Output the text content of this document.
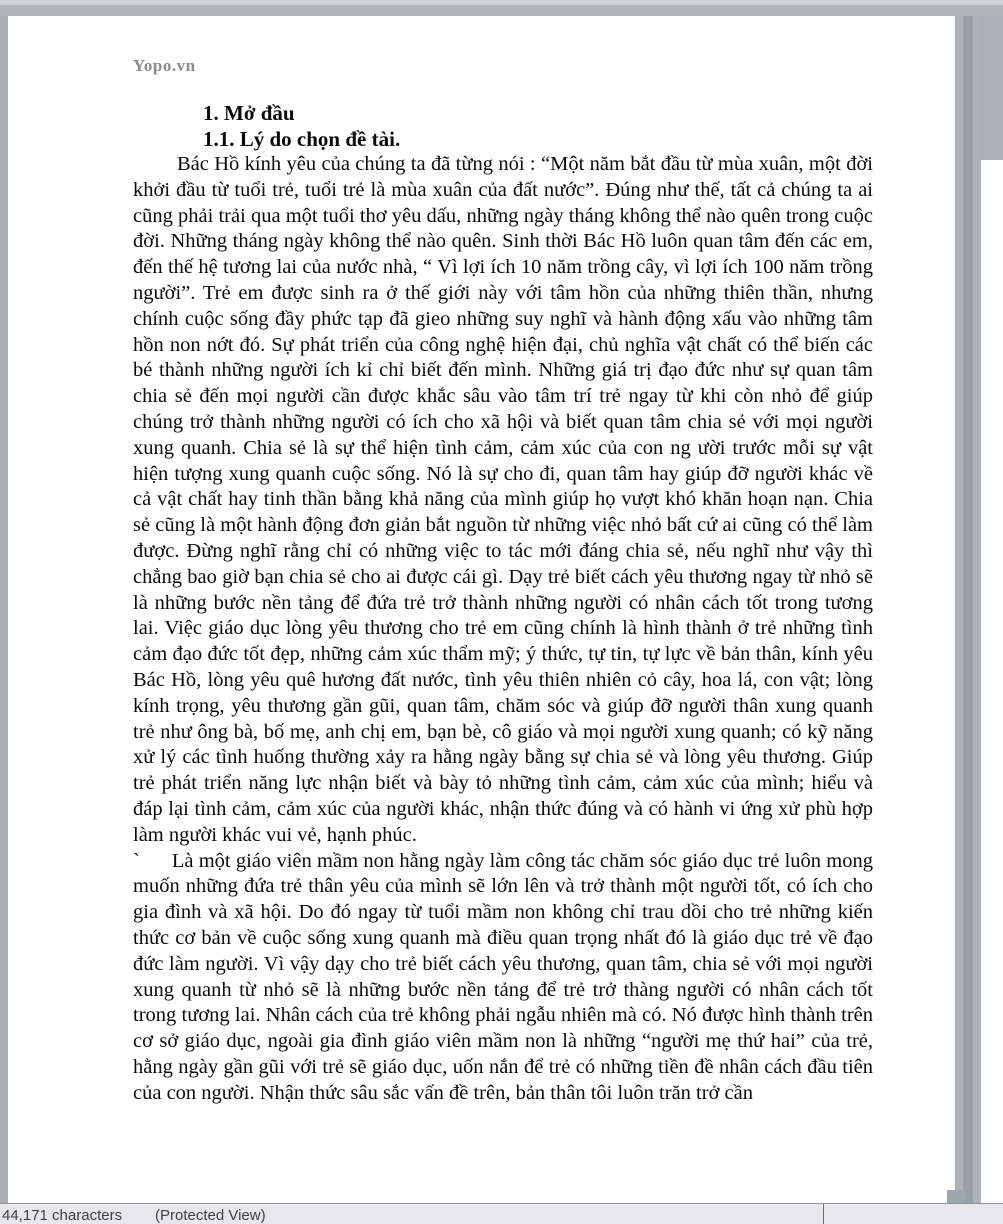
Yopo.vn
1. Mở đầu
1.1. Lý do chọn đề tài.

Bác Hồ kính yêu của chúng ta đã từng nói : “Một năm bắt đầu từ mùa xuân, một đời khởi đầu từ tuổi trẻ, tuổi trẻ là mùa xuân của đất nước”. Đúng như thế, tất cả chúng ta ai cũng phải trải qua một tuổi thơ yêu dấu, những ngày tháng không thể nào quên trong cuộc đời. Những tháng ngày không thể nào quên. Sinh thời Bác Hồ luôn quan tâm đến các em, đến thế hệ tương lai của nước nhà, “ Vì lợi ích 10 năm trồng cây, vì lợi ích 100 năm trồng người”. Trẻ em được sinh ra ở thế giới này với tâm hồn của những thiên thần, nhưng chính cuộc sống đầy phức tạp đã gieo những suy nghĩ và hành động xấu vào những tâm hồn non nớt đó. Sự phát triển của công nghệ hiện đại, chủ nghĩa vật chất có thể biến các bé thành những người ích kỉ chỉ biết đến mình. Những giá trị đạo đức như sự quan tâm chia sẻ đến mọi người cần được khắc sâu vào tâm trí trẻ ngay từ khi còn nhỏ để giúp chúng trở thành những người có ích cho xã hội và biết quan tâm chia sẻ với mọi người xung quanh. Chia sẻ là sự thể hiện tình cảm, cảm xúc của con ng ười trước mỗi sự vật hiện tượng xung quanh cuộc sống. Nó là sự cho đi, quan tâm hay giúp đỡ người khác về cả vật chất hay tinh thần bằng khả năng của mình giúp họ vượt khó khăn hoạn nạn. Chia sẻ cũng là một hành động đơn giản bắt nguồn từ những việc nhỏ bất cứ ai cũng có thể làm được. Đừng nghĩ rằng chỉ có những việc to tác mới đáng chia sẻ, nếu nghĩ như vậy thì chẳng bao giờ bạn chia sẻ cho ai được cái gì. Dạy trẻ biết cách yêu thương ngay từ nhỏ sẽ là những bước nền tảng để đứa trẻ trở thành những người có nhân cách tốt trong tương lai. Việc giáo dục lòng yêu thương cho trẻ em cũng chính là hình thành ở trẻ những tình cảm đạo đức tốt đẹp, những cảm xúc thẩm mỹ; ý thức, tự tin, tự lực về bản thân, kính yêu Bác Hồ, lòng yêu quê hương đất nước, tình yêu thiên nhiên cỏ cây, hoa lá, con vật; lòng kính trọng, yêu thương gần gũi, quan tâm, chăm sóc và giúp đỡ người thân xung quanh trẻ như ông bà, bố mẹ, anh chị em, bạn bè, cô giáo và mọi người xung quanh; có kỹ năng xử lý các tình huống thường xảy ra hằng ngày bằng sự chia sẻ và lòng yêu thương. Giúp trẻ phát triển năng lực nhận biết và bày tỏ những tình cảm, cảm xúc của mình; hiểu và đáp lại tình cảm, cảm xúc của người khác, nhận thức đúng và có hành vi ứng xử phù hợp làm người khác vui vẻ, hạnh phúc.

` Là một giáo viên mầm non hằng ngày làm công tác chăm sóc giáo dục trẻ luôn mong muốn những đứa trẻ thân yêu của mình sẽ lớn lên và trở thành một người tốt, có ích cho gia đình và xã hội. Do đó ngay từ tuổi mầm non không chỉ trau dồi cho trẻ những kiến thức cơ bản về cuộc sống xung quanh mà điều quan trọng nhất đó là giáo dục trẻ về đạo đức làm người. Vì vậy dạy cho trẻ biết cách yêu thương, quan tâm, chia sẻ với mọi người xung quanh từ nhỏ sẽ là những bước nền tảng để trẻ trở thàng người có nhân cách tốt trong tương lai. Nhân cách của trẻ không phải ngẫu nhiên mà có. Nó được hình thành trên cơ sở giáo dục, ngoài gia đình giáo viên mầm non là những “người mẹ thứ hai” của trẻ, hằng ngày gần gũi với trẻ sẽ giáo dục, uốn nắn để trẻ có những tiền đề nhân cách đầu tiên của con người. Nhận thức sâu sắc vấn đề trên, bản thân tôi luôn trăn trở cần

44,171 characters (Protected View)
